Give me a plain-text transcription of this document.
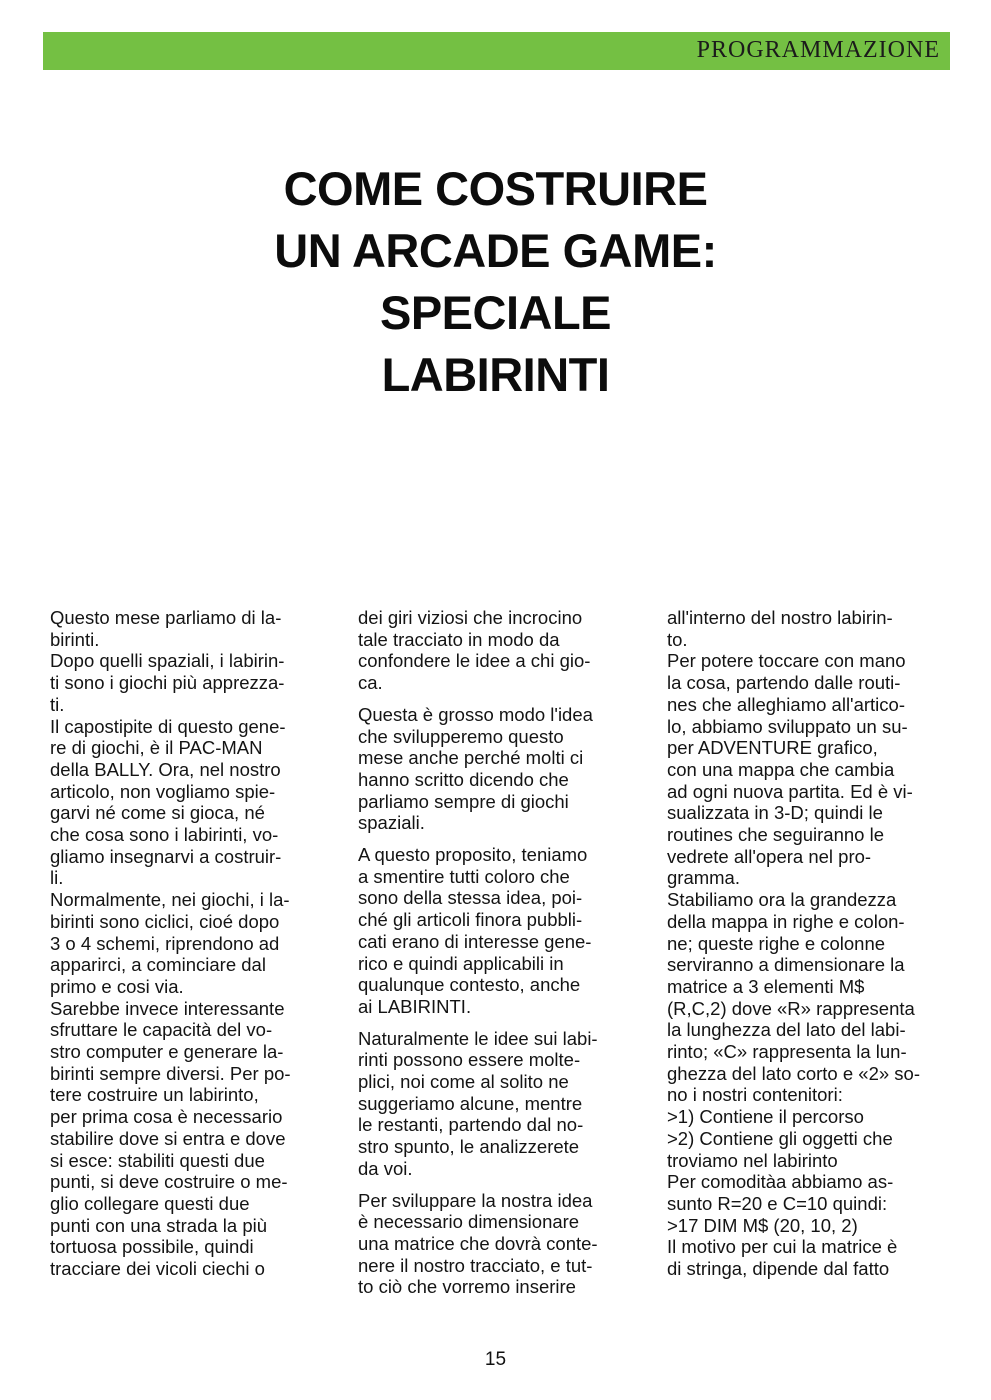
PROGRAMMAZIONE
COME COSTRUIRE
UN ARCADE GAME:
SPECIALE
LABIRINTI

Questo mese parliamo di la-
birinti.
Dopo quelli spaziali, i labirin-
ti sono i giochi più apprezza-
ti.
Il capostipite di questo gene-
re di giochi, è il PAC-MAN
della BALLY. Ora, nel nostro
articolo, non vogliamo spie-
garvi né come si gioca, né
che cosa sono i labirinti, vo-
gliamo insegnarvi a costruir-
li.
Normalmente, nei giochi, i la-
birinti sono ciclici, cioé dopo
3 o 4 schemi, riprendono ad
apparirci, a cominciare dal
primo e cosi via.
Sarebbe invece interessante
sfruttare le capacità del vo-
stro computer e generare la-
birinti sempre diversi. Per po-
tere costruire un labirinto,
per prima cosa è necessario
stabilire dove si entra e dove
si esce: stabiliti questi due
punti, si deve costruire o me-
glio collegare questi due
punti con una strada la più
tortuosa possibile, quindi
tracciare dei vicoli ciechi o

dei giri viziosi che incrocino
tale tracciato in modo da
confondere le idee a chi gio-
ca.

Questa è grosso modo l'idea
che svilupperemo questo
mese anche perché molti ci
hanno scritto dicendo che
parliamo sempre di giochi
spaziali.

A questo proposito, teniamo
a smentire tutti coloro che
sono della stessa idea, poi-
ché gli articoli finora pubbli-
cati erano di interesse gene-
rico e quindi applicabili in
qualunque contesto, anche
ai LABIRINTI.

Naturalmente le idee sui labi-
rinti possono essere molte-
plici, noi come al solito ne
suggeriamo alcune, mentre
le restanti, partendo dal no-
stro spunto, le analizzerete
da voi.

Per sviluppare la nostra idea
è necessario dimensionare
una matrice che dovrà conte-
nere il nostro tracciato, e tut-
to ciò che vorremo inserire

all'interno del nostro labirin-
to.
Per potere toccare con mano
la cosa, partendo dalle routi-
nes che alleghiamo all'artico-
lo, abbiamo sviluppato un su-
per ADVENTURE grafico,
con una mappa che cambia
ad ogni nuova partita. Ed è vi-
sualizzata in 3-D; quindi le
routines che seguiranno le
vedrete all'opera nel pro-
gramma.
Stabiliamo ora la grandezza
della mappa in righe e colon-
ne; queste righe e colonne
serviranno a dimensionare la
matrice a 3 elementi M$
(R,C,2) dove «R» rappresenta
la lunghezza del lato del labi-
rinto; «C» rappresenta la lun-
ghezza del lato corto e «2» so-
no i nostri contenitori:
>1) Contiene il percorso
>2) Contiene gli oggetti che
troviamo nel labirinto
Per comoditàa abbiamo as-
sunto R=20 e C=10 quindi:
>17 DIM M$ (20, 10, 2)
Il motivo per cui la matrice è
di stringa, dipende dal fatto

15
